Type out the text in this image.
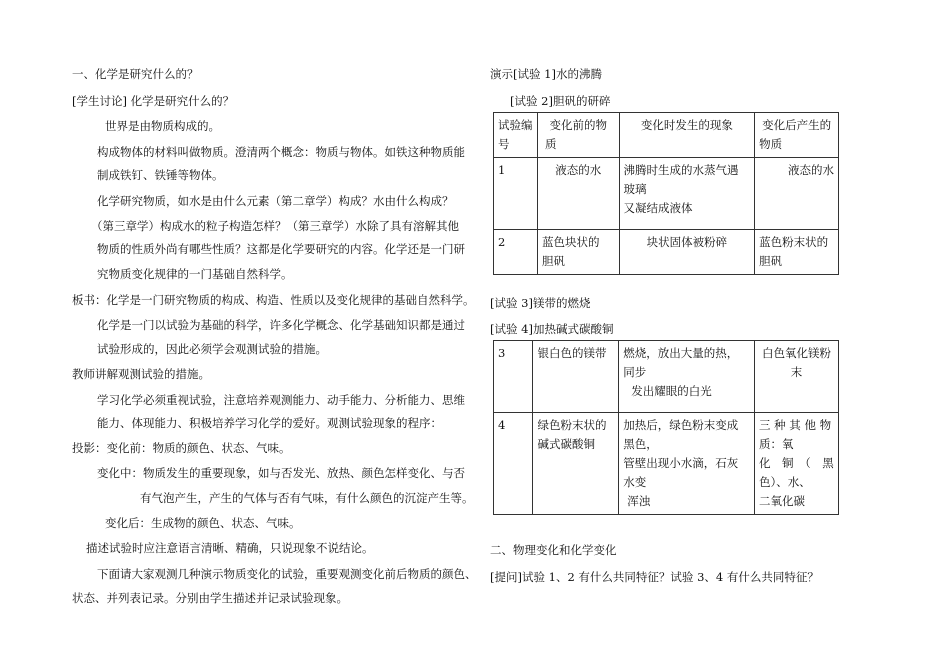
一、化学是研究什么的？
[学生讨论] 化学是研究什么的？
世界是由物质构成的。
构成物体的材料叫做物质。澄清两个概念：物质与物体。如铁这种物质能
制成铁钉、铁锤等物体。
化学研究物质，如水是由什么元素（第二章学）构成？水由什么构成？
（第三章学）构成水的粒子构造怎样？（第三章学）水除了具有溶解其他
物质的性质外尚有哪些性质？这都是化学要研究的内容。化学还是一门研
究物质变化规律的一门基础自然科学。
板书：化学是一门研究物质的构成、构造、性质以及变化规律的基础自然科学。
化学是一门以试验为基础的科学，许多化学概念、化学基础知识都是通过
试验形成的，因此必须学会观测试验的措施。
教师讲解观测试验的措施。
学习化学必须重视试验，注意培养观测能力、动手能力、分析能力、思维
能力、体现能力、积极培养学习化学的爱好。观测试验现象的程序：
投影：变化前：物质的颜色、状态、气味。
变化中：物质发生的重要现象，如与否发光、放热、颜色怎样变化、与否
有气泡产生，产生的气体与否有气味，有什么颜色的沉淀产生等。
变化后：生成物的颜色、状态、气味。
描述试验时应注意语言清晰、精确，只说现象不说结论。
下面请大家观测几种演示物质变化的试验，重要观测变化前后物质的颜色、
状态、并列表记录。分别由学生描述并记录试验现象。
演示[试验 1]水的沸腾
[试验 2]胆矾的研碎
试验编
号	变化前的物
质	变化时发生的现象	变化后产生的
物质

1	液态的水	沸腾时生成的水蒸气遇
玻璃
又凝结成液体	液态的水
2	蓝色块状的
胆矾	块状固体被粉碎	蓝色粉末状的
胆矾
[试验 3]镁带的燃烧
[试验 4]加热碱式碳酸铜
3	银白色的镁带	燃烧，放出大量的热，
同步
发出耀眼的白光	白色氧化镁粉
末

4	绿色粉末状的
碱式碳酸铜	加热后，绿色粉末变成
黑色，
管壁出现小水滴，石灰
水变
浑浊	三 种 其 他 物
质：氧
化　铜　（　黑
色）、水、
二氧化碳
二、物理变化和化学变化
[提问]试验 1、2 有什么共同特征？试验 3、4 有什么共同特征？
